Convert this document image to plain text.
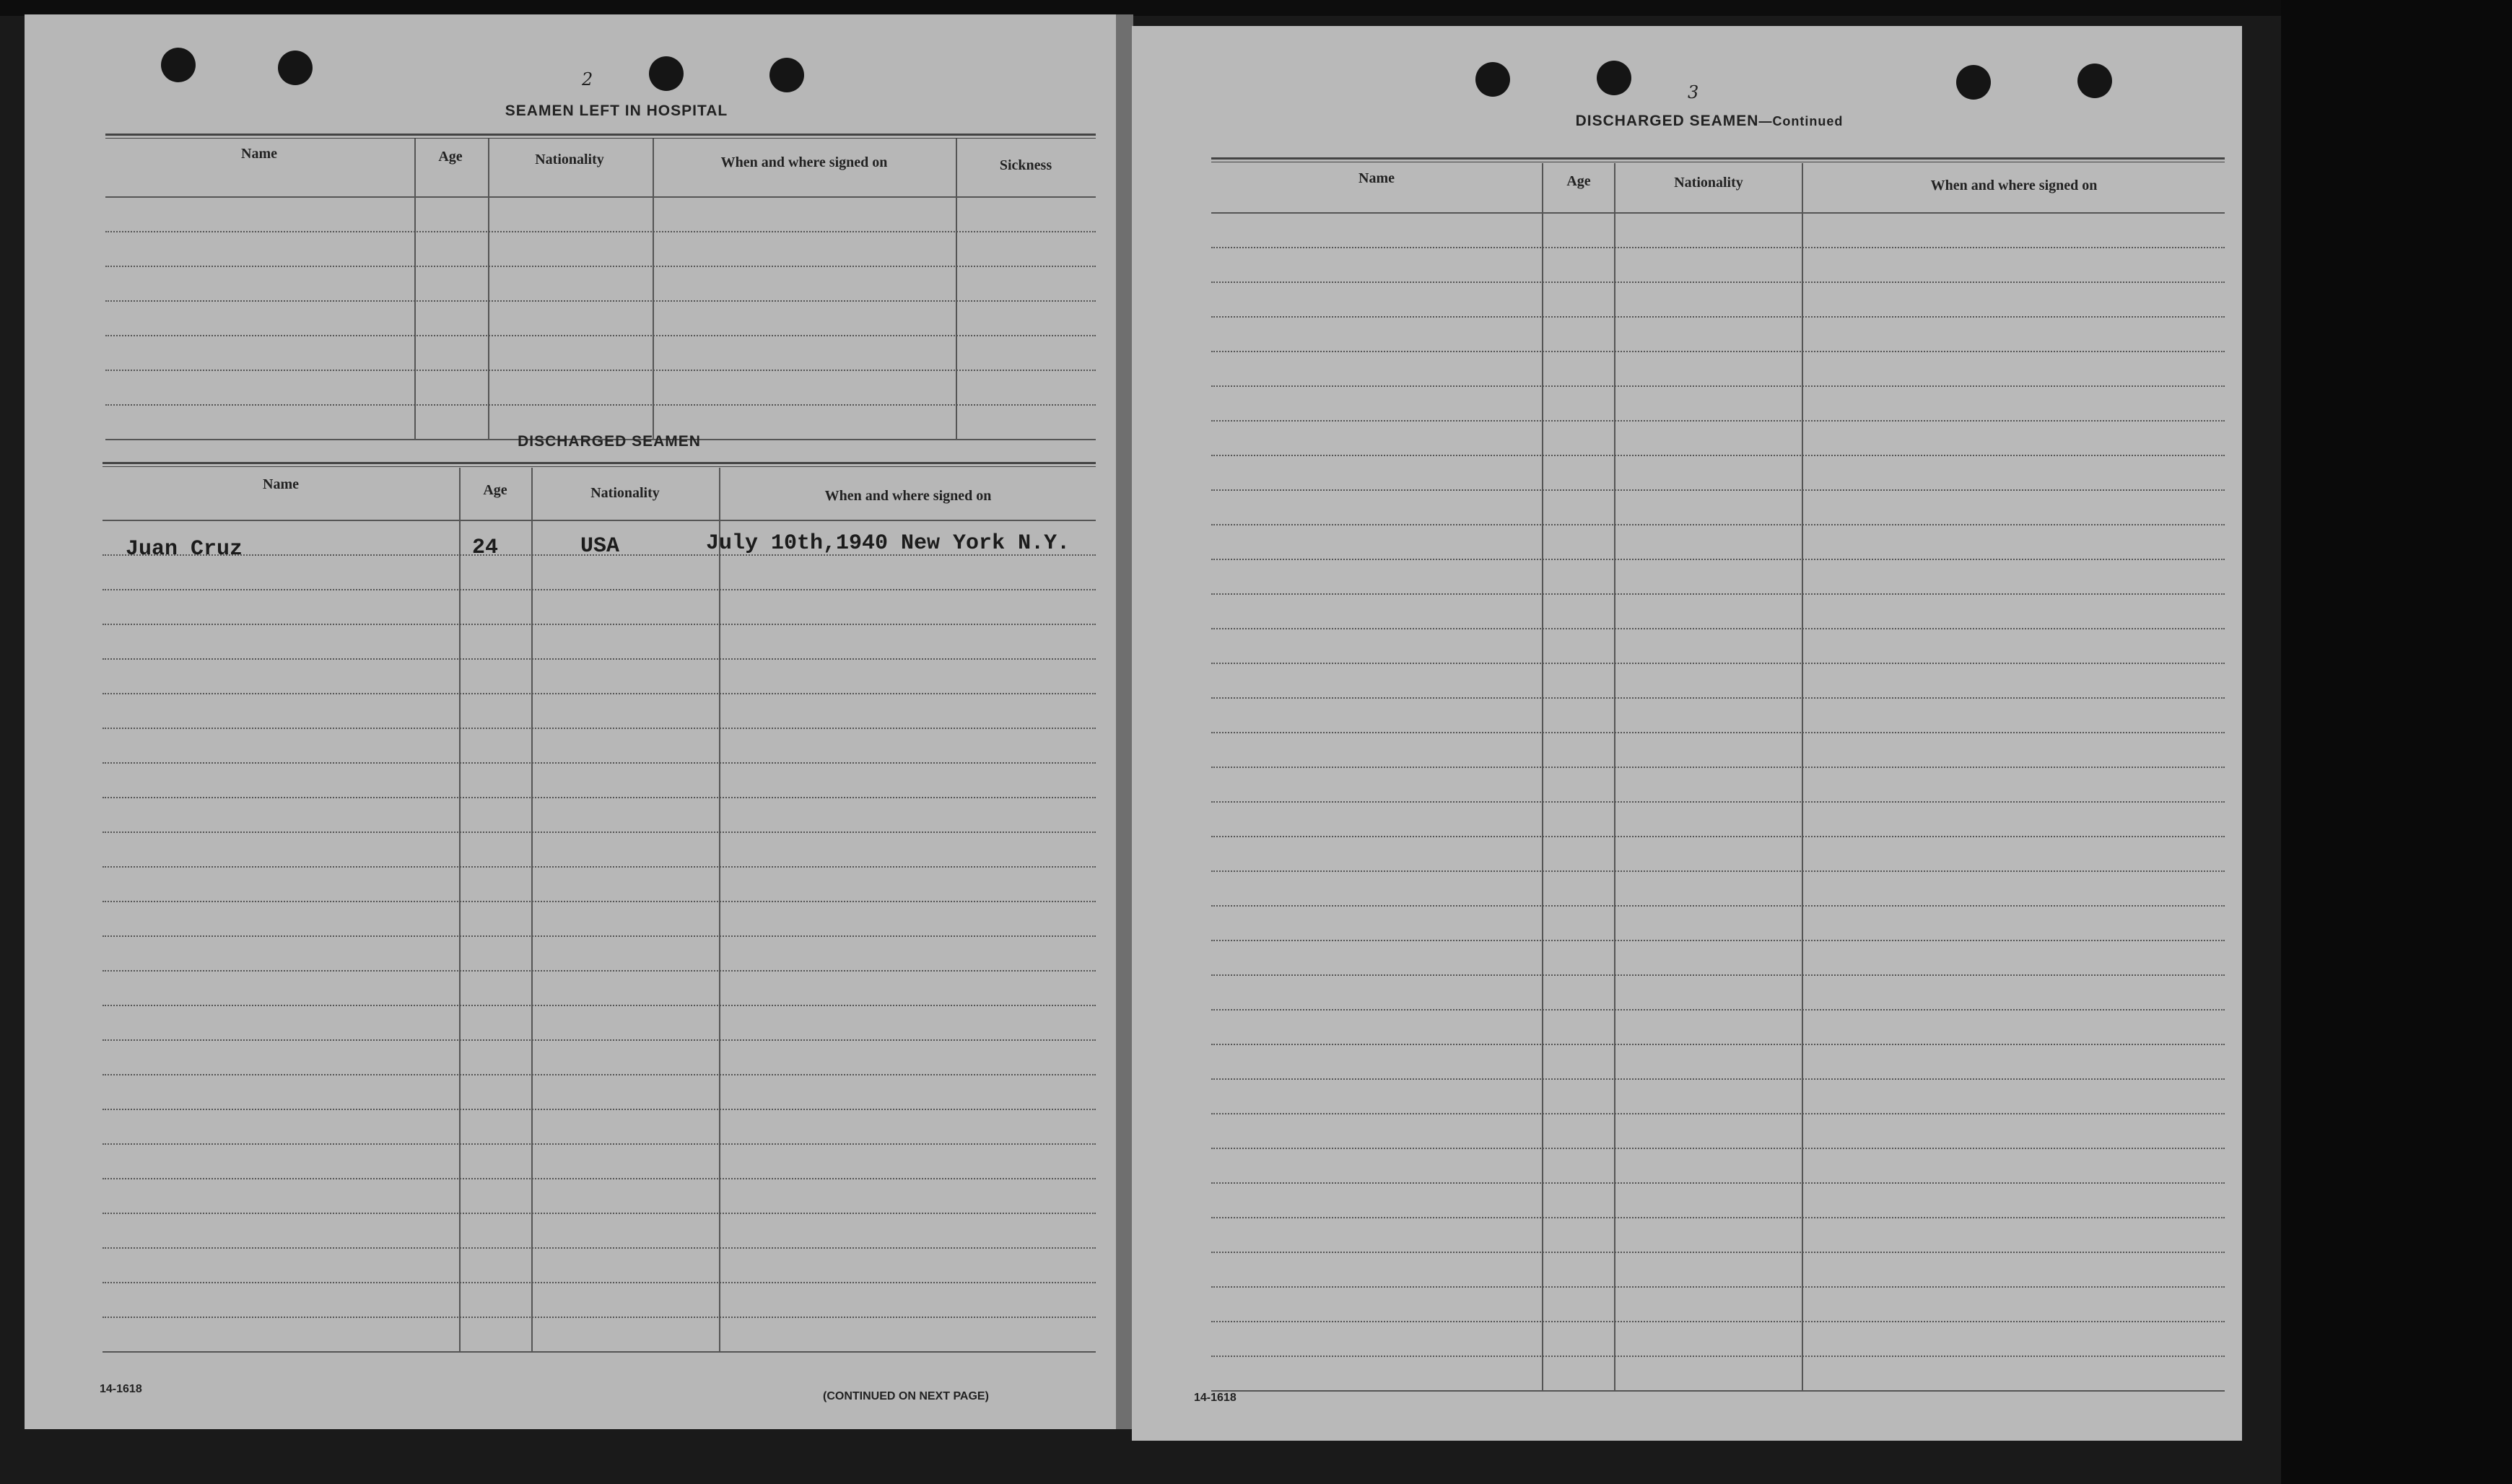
2
SEAMEN LEFT IN HOSPITAL
Name	Age	Nationality	When and where signed on	Sickness
DISCHARGED SEAMEN
Name	Age	Nationality	When and where signed on
Juan Cruz	24	USA	July 10th,1940 New York N.Y.
14-1618
(CONTINUED ON NEXT PAGE)
3
DISCHARGED SEAMEN—Continued
Name	Age	Nationality	When and where signed on
14-1618
